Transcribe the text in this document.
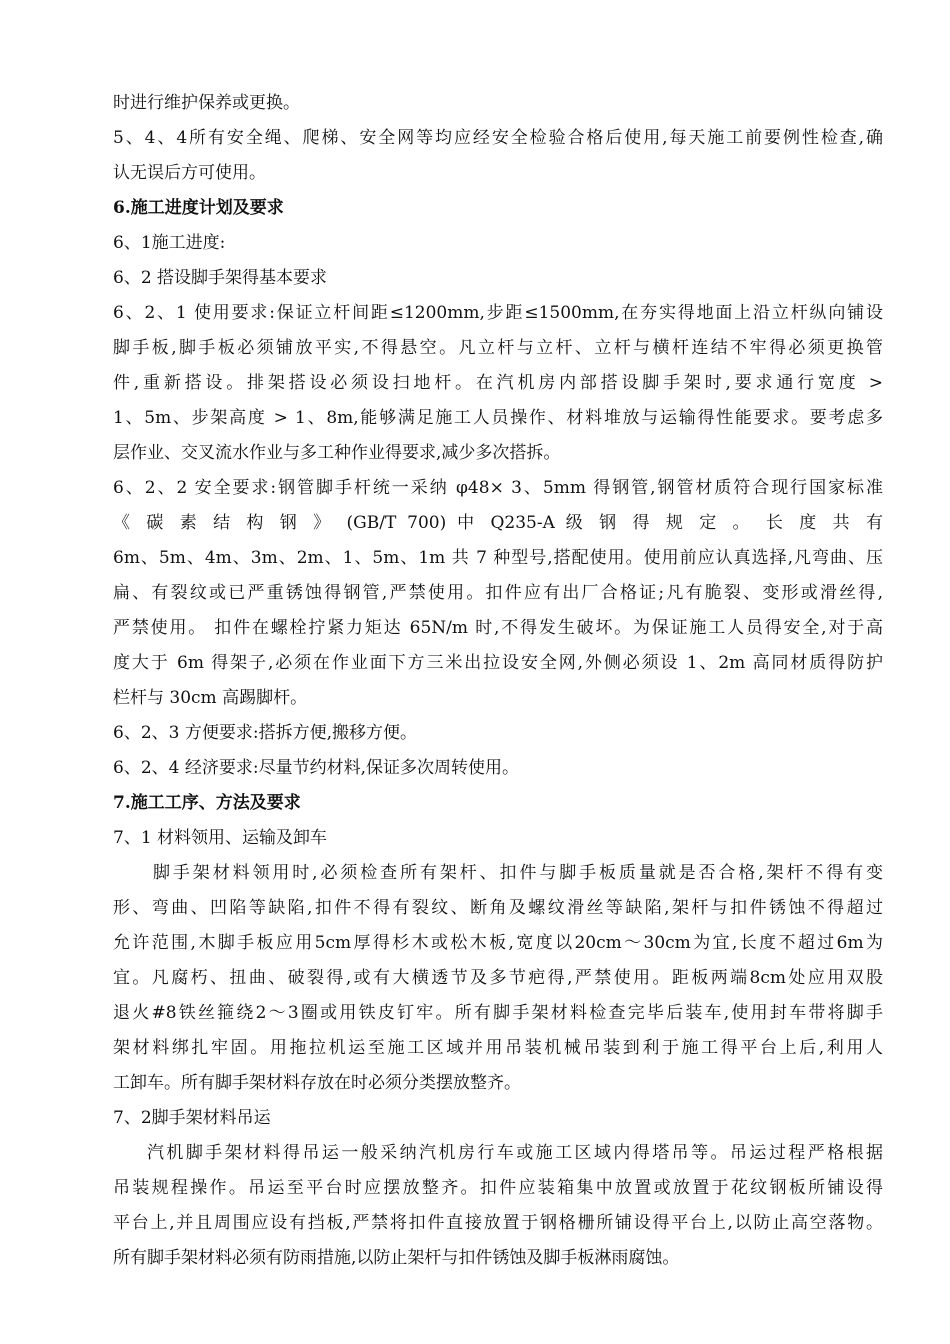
时进行维护保养或更换。
5、4、4所有安全绳、爬梯、安全网等均应经安全检验合格后使用,每天施工前要例性检查,确
认无误后方可使用。
6.施工进度计划及要求
6、1施工进度:
6、2 搭设脚手架得基本要求
6、2、1 使用要求:保证立杆间距≤1200mm,步距≤1500mm,在夯实得地面上沿立杆纵向铺设
脚手板,脚手板必须铺放平实,不得悬空。凡立杆与立杆、立杆与横杆连结不牢得必须更换管
件,重新搭设。排架搭设必须设扫地杆。在汽机房内部搭设脚手架时,要求通行宽度 >
1、5m、步架高度 > 1、8m,能够满足施工人员操作、材料堆放与运输得性能要求。要考虑多
层作业、交叉流水作业与多工种作业得要求,减少多次搭拆。
6、2、2 安全要求:钢管脚手杆统一采纳 φ48× 3、5mm 得钢管,钢管材质符合现行国家标准
《 碳 素 结 构 钢 》 (GB/T 700) 中 Q235-A 级 钢 得 规 定 。 长 度 共 有
6m、5m、4m、3m、2m、1、5m、1m 共 7 种型号,搭配使用。使用前应认真选择,凡弯曲、压
扁、有裂纹或已严重锈蚀得钢管,严禁使用。扣件应有出厂合格证;凡有脆裂、变形或滑丝得,
严禁使用。 扣件在螺栓拧紧力矩达 65N/m 时,不得发生破坏。为保证施工人员得安全,对于高
度大于 6m 得架子,必须在作业面下方三米出拉设安全网,外侧必须设 1、2m 高同材质得防护
栏杆与 30cm 高踢脚杆。
6、2、3 方便要求:搭拆方便,搬移方便。
6、2、4 经济要求:尽量节约材料,保证多次周转使用。
7.施工工序、方法及要求
7、1 材料领用、运输及卸车
脚手架材料领用时,必须检查所有架杆、扣件与脚手板质量就是否合格,架杆不得有变
形、弯曲、凹陷等缺陷,扣件不得有裂纹、断角及螺纹滑丝等缺陷,架杆与扣件锈蚀不得超过
允许范围,木脚手板应用5cm厚得杉木或松木板,宽度以20cm～30cm为宜,长度不超过6m为
宜。凡腐朽、扭曲、破裂得,或有大横透节及多节疤得,严禁使用。距板两端8cm处应用双股
退火#8铁丝箍绕2～3圈或用铁皮钉牢。所有脚手架材料检查完毕后装车,使用封车带将脚手
架材料绑扎牢固。用拖拉机运至施工区域并用吊装机械吊装到利于施工得平台上后,利用人
工卸车。所有脚手架材料存放在时必须分类摆放整齐。
7、2脚手架材料吊运
汽机脚手架材料得吊运一般采纳汽机房行车或施工区域内得塔吊等。吊运过程严格根据
吊装规程操作。吊运至平台时应摆放整齐。扣件应装箱集中放置或放置于花纹钢板所铺设得
平台上,并且周围应设有挡板,严禁将扣件直接放置于钢格栅所铺设得平台上,以防止高空落物。
所有脚手架材料必须有防雨措施,以防止架杆与扣件锈蚀及脚手板淋雨腐蚀。
